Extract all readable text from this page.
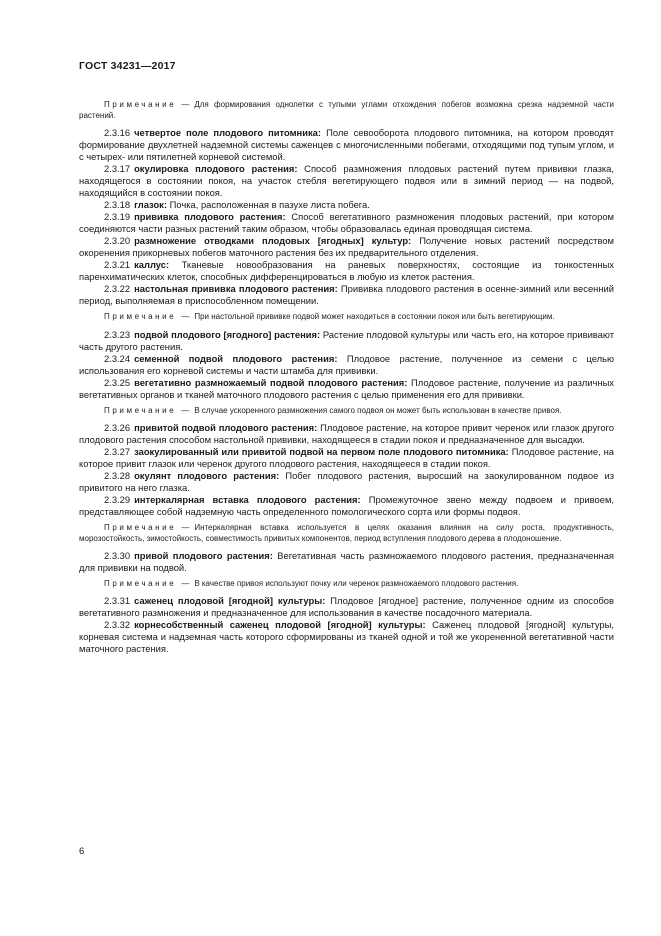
ГОСТ 34231—2017

Примечание — Для формирования однолетки с тупыми углами отхождения побегов возможна срезка надземной части растений.

2.3.16 четвертое поле плодового питомника: Поле севооборота плодового питомника, на котором проводят формирование двухлетней надземной системы саженцев с многочисленными побегами, отходящими под тупым углом, и с четырех- или пятилетней корневой системой.

2.3.17 окулировка плодового растения: Способ размножения плодовых растений путем прививки глазка, находящегося в состоянии покоя, на участок стебля вегетирующего подвоя или в зимний период — на подвой, находящийся в состоянии покоя.

2.3.18 глазок: Почка, расположенная в пазухе листа побега.

2.3.19 прививка плодового растения: Способ вегетативного размножения плодовых растений, при котором соединяются части разных растений таким образом, чтобы образовалась единая проводящая система.

2.3.20 размножение отводками плодовых [ягодных] культур: Получение новых растений посредством окоренения прикорневых побегов маточного растения без их предварительного отделения.

2.3.21 каллус: Тканевые новообразования на раневых поверхностях, состоящие из тонкостенных паренхиматических клеток, способных дифференцироваться в любую из клеток растения.

2.3.22 настольная прививка плодового растения: Прививка плодового растения в осенне-зимний или весенний период, выполняемая в приспособленном помещении.

Примечание — При настольной прививке подвой может находиться в состоянии покоя или быть вегетирующим.

2.3.23 подвой плодового [ягодного] растения: Растение плодовой культуры или часть его, на которое прививают часть другого растения.

2.3.24 семенной подвой плодового растения: Плодовое растение, полученное из семени с целью использования его корневой системы и части штамба для прививки.

2.3.25 вегетативно размножаемый подвой плодового растения: Плодовое растение, получение из различных вегетативных органов и тканей маточного плодового растения с целью применения его для прививки.

Примечание — В случае ускоренного размножения самого подвоя он может быть использован в качестве привоя.

2.3.26 привитой подвой плодового растения: Плодовое растение, на которое привит черенок или глазок другого плодового растения способом настольной прививки, находящееся в стадии покоя и предназначенное для высадки.

2.3.27 заокулированный или привитой подвой на первом поле плодового питомника: Плодовое растение, на которое привит глазок или черенок другого плодового растения, находящееся в стадии покоя.

2.3.28 окулянт плодового растения: Побег плодового растения, выросший на заокулированном подвое из привитого на него глазка.

2.3.29 интеркалярная вставка плодового растения: Промежуточное звено между подвоем и привоем, представляющее собой надземную часть определенного помологического сорта или формы подвоя.

Примечание — Интеркалярная вставка используется в целях оказания влияния на силу роста, продуктивность, морозостойкость, зимостойкость, совместимость привитых компонентов, период вступления плодового дерева в плодоношение.

2.3.30 привой плодового растения: Вегетативная часть размножаемого плодового растения, предназначенная для прививки на подвой.

Примечание — В качестве привоя используют почку или черенок размножаемого плодового растения.

2.3.31 саженец плодовой [ягодной] культуры: Плодовое [ягодное] растение, полученное одним из способов вегетативного размножения и предназначенное для использования в качестве посадочного материала.

2.3.32 корнесобственный саженец плодовой [ягодной] культуры: Саженец плодовой [ягодной] культуры, корневая система и надземная часть которого сформированы из тканей одной и той же укорененной вегетативной части маточного растения.

6
